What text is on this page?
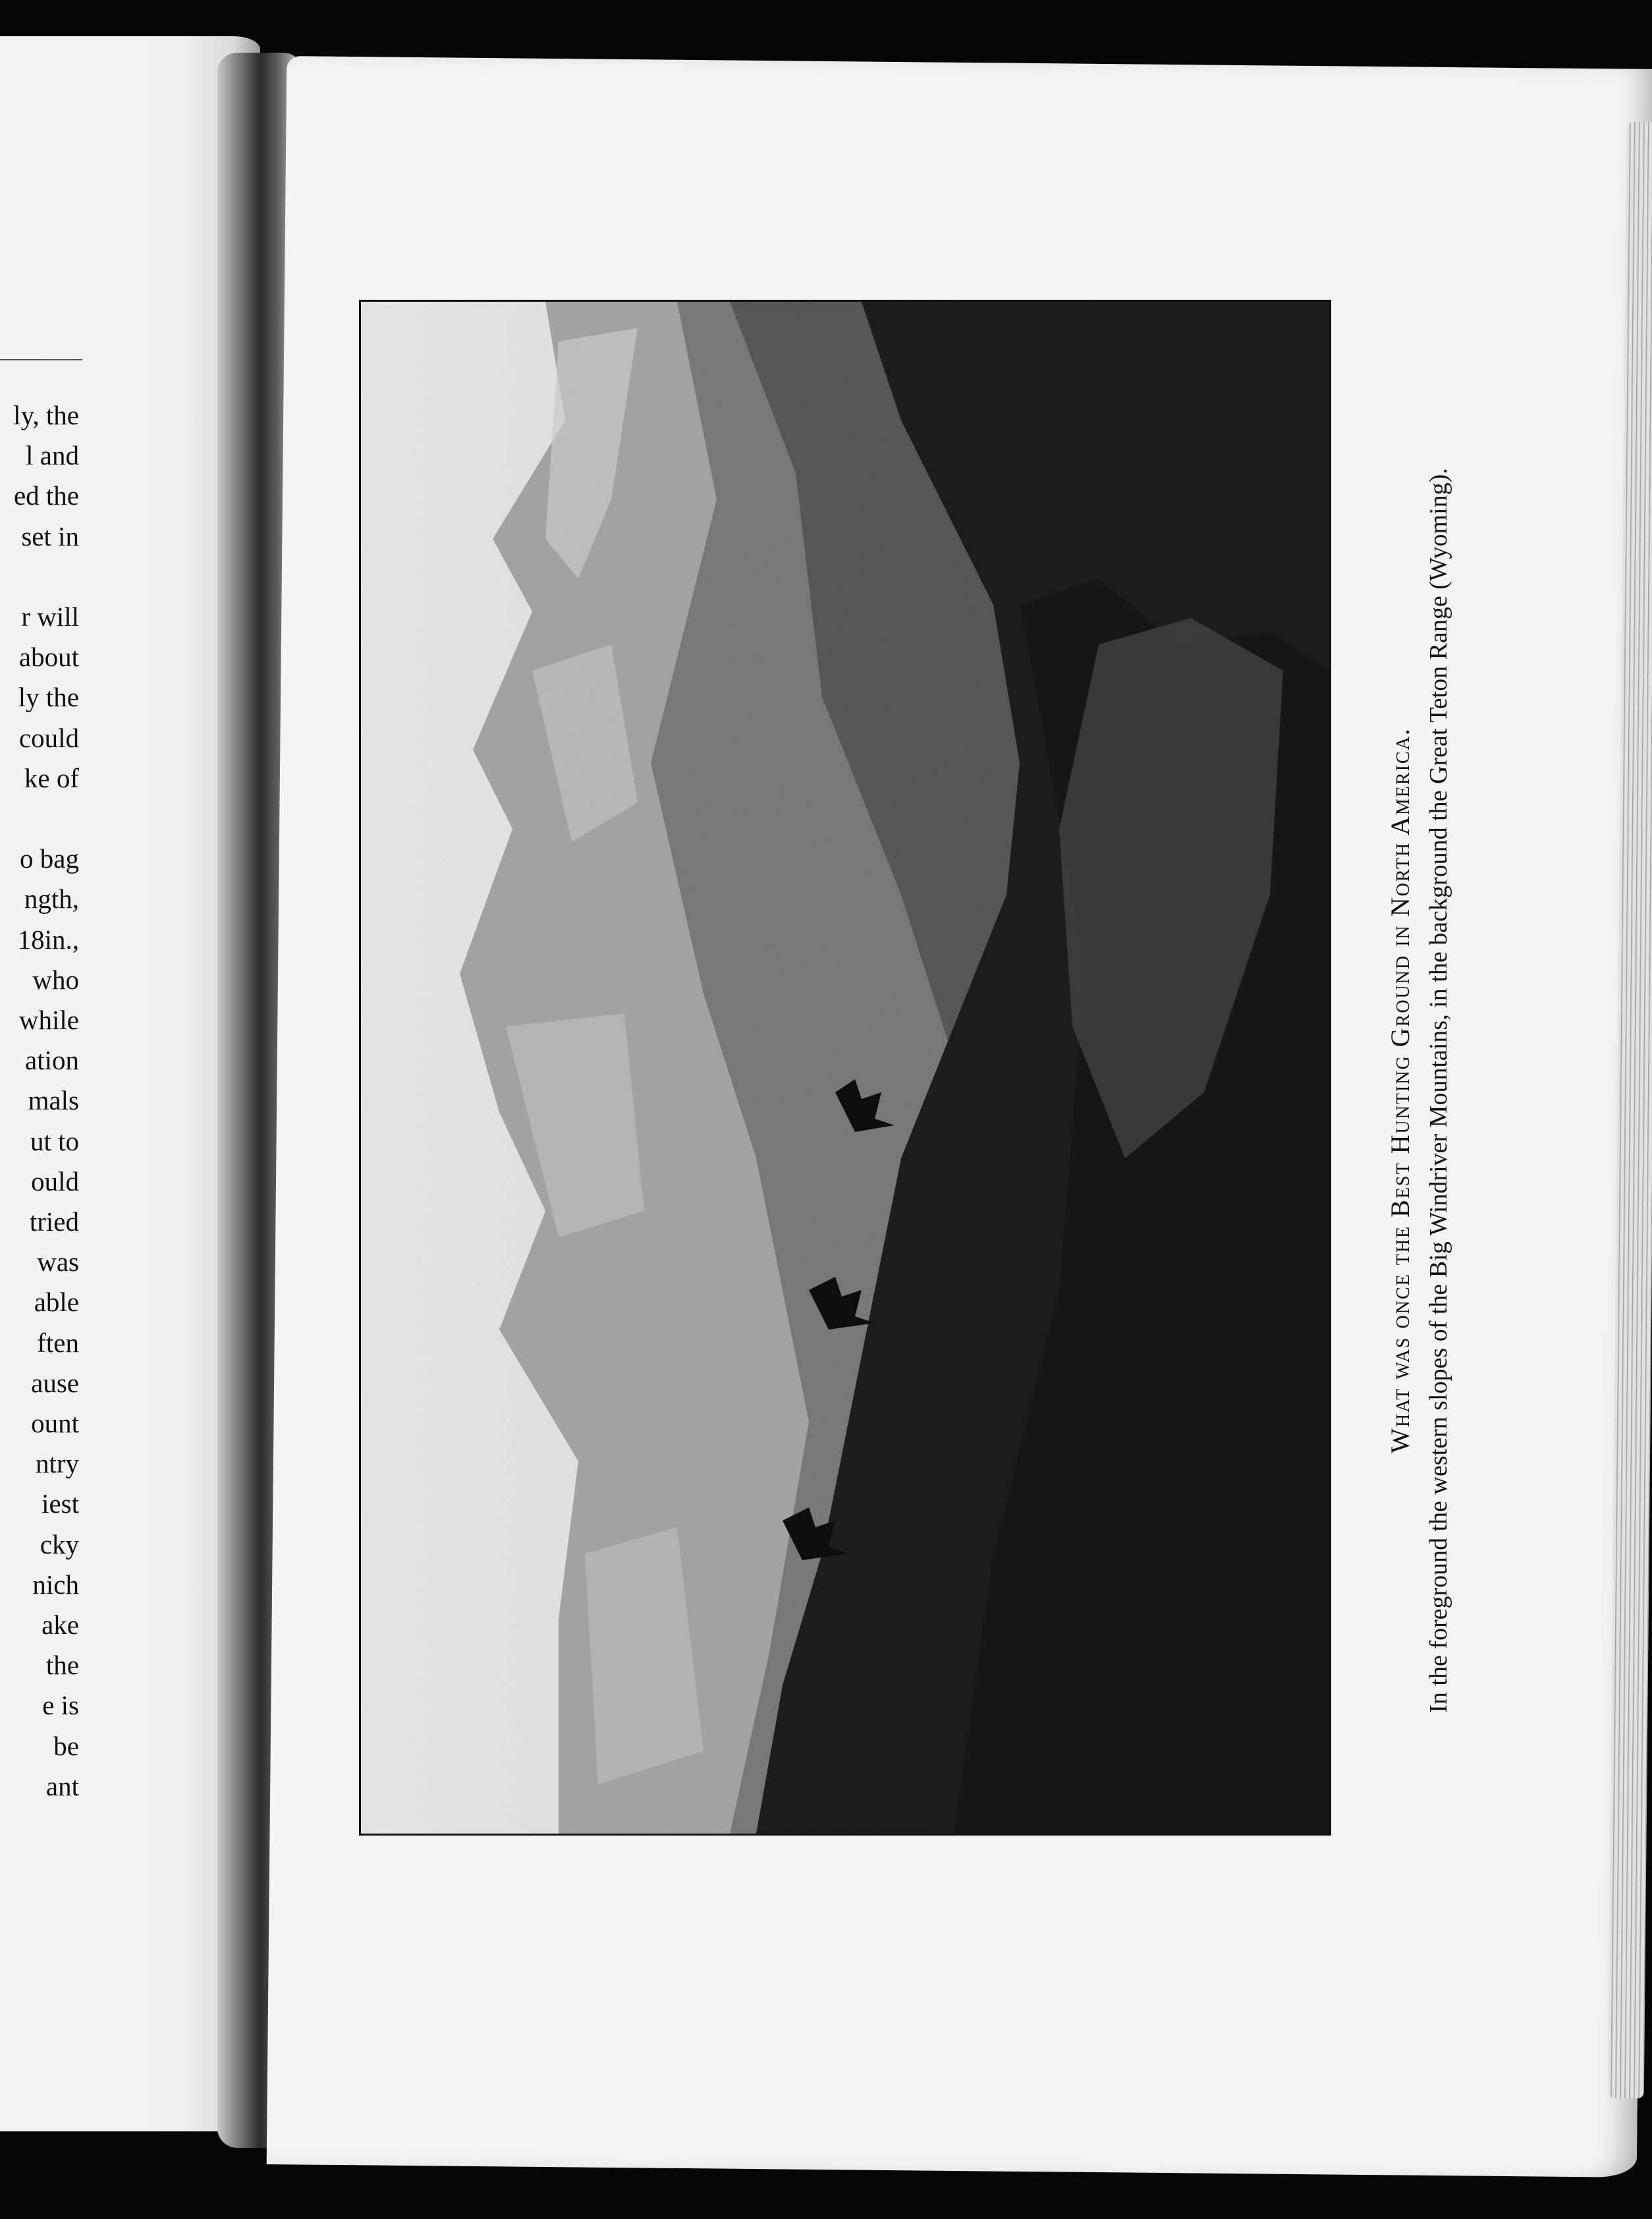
ly, the
l and
ed the
set in
r will
about
ly the
could
ke of
o bag
ngth,
18in.,
who
while
ation
mals
ut to
ould
tried
was
able
ften
ause
ount
ntry
iest
cky
nich
ake
the
e is
be
ant
What was once the Best Hunting Ground in North America. In the foreground the western slopes of the Big Windriver Mountains, in the background the Great Teton Range (Wyoming).
